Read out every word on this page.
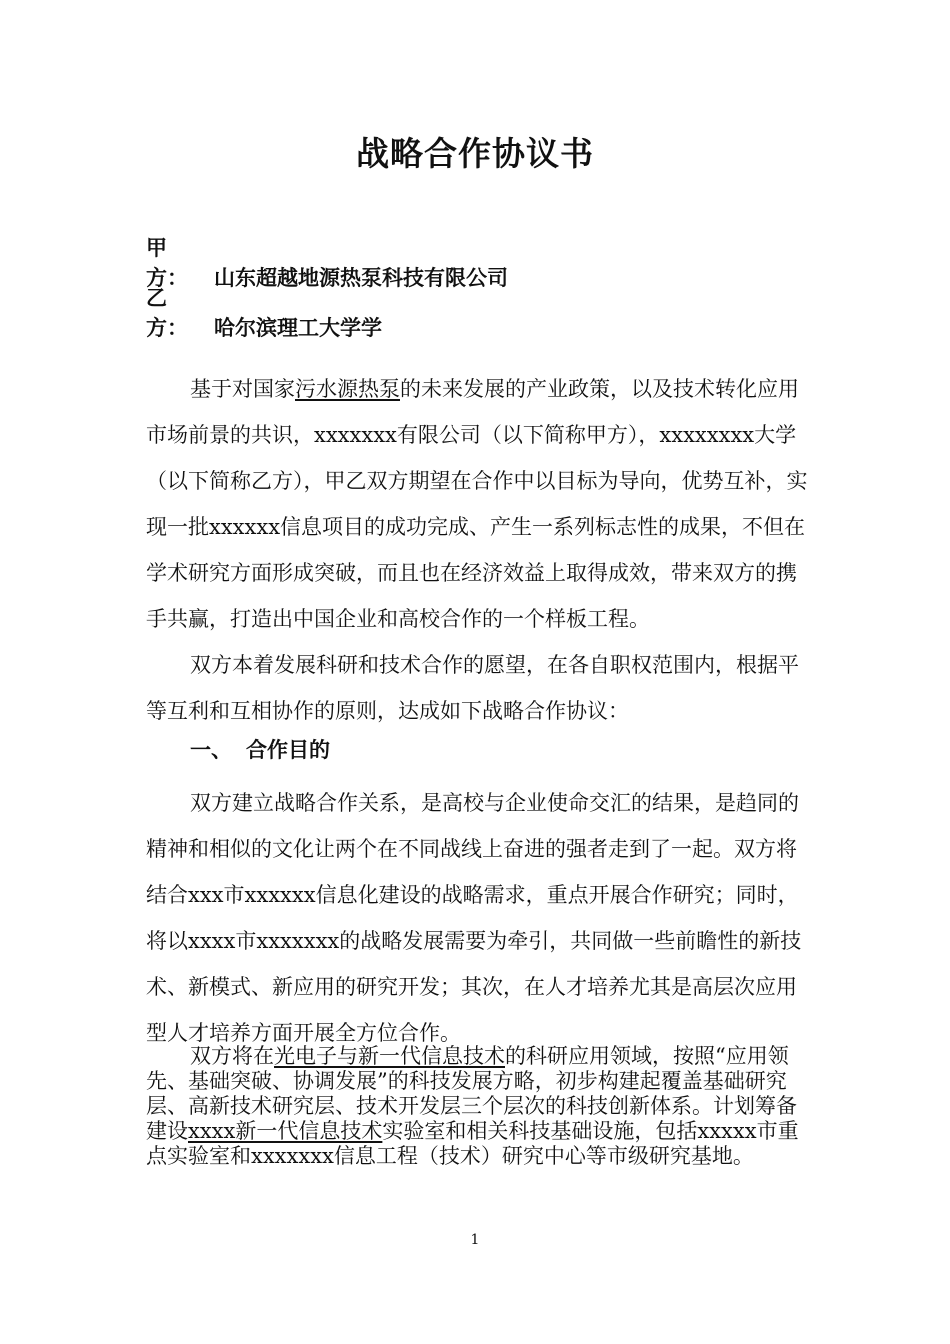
战略合作协议书
甲　　方： 山东超越地源热泵科技有限公司
乙　　方： 哈尔滨理工大学学
基于对国家污水源热泵的未来发展的产业政策，以及技术转化应用市场前景的共识，xxxxxxx有限公司（以下简称甲方），xxxxxxxx大学（以下简称乙方），甲乙双方期望在合作中以目标为导向，优势互补，实现一批xxxxxx信息项目的成功完成、产生一系列标志性的成果，不但在学术研究方面形成突破，而且也在经济效益上取得成效，带来双方的携手共赢，打造出中国企业和高校合作的一个样板工程。
双方本着发展科研和技术合作的愿望，在各自职权范围内，根据平等互利和互相协作的原则，达成如下战略合作协议：
一、 合作目的
双方建立战略合作关系，是高校与企业使命交汇的结果，是趋同的精神和相似的文化让两个在不同战线上奋进的强者走到了一起。双方将结合xxx市xxxxxx信息化建设的战略需求，重点开展合作研究；同时，将以xxxx市xxxxxxx的战略发展需要为牵引，共同做一些前瞻性的新技术、新模式、新应用的研究开发；其次，在人才培养尤其是高层次应用型人才培养方面开展全方位合作。
双方将在光电子与新一代信息技术的科研应用领域，按照“应用领先、基础突破、协调发展”的科技发展方略，初步构建起覆盖基础研究层、高新技术研究层、技术开发层三个层次的科技创新体系。计划筹备建设xxxx新一代信息技术实验室和相关科技基础设施，包括xxxxx市重点实验室和xxxxxxx信息工程（技术）研究中心等市级研究基地。
1
